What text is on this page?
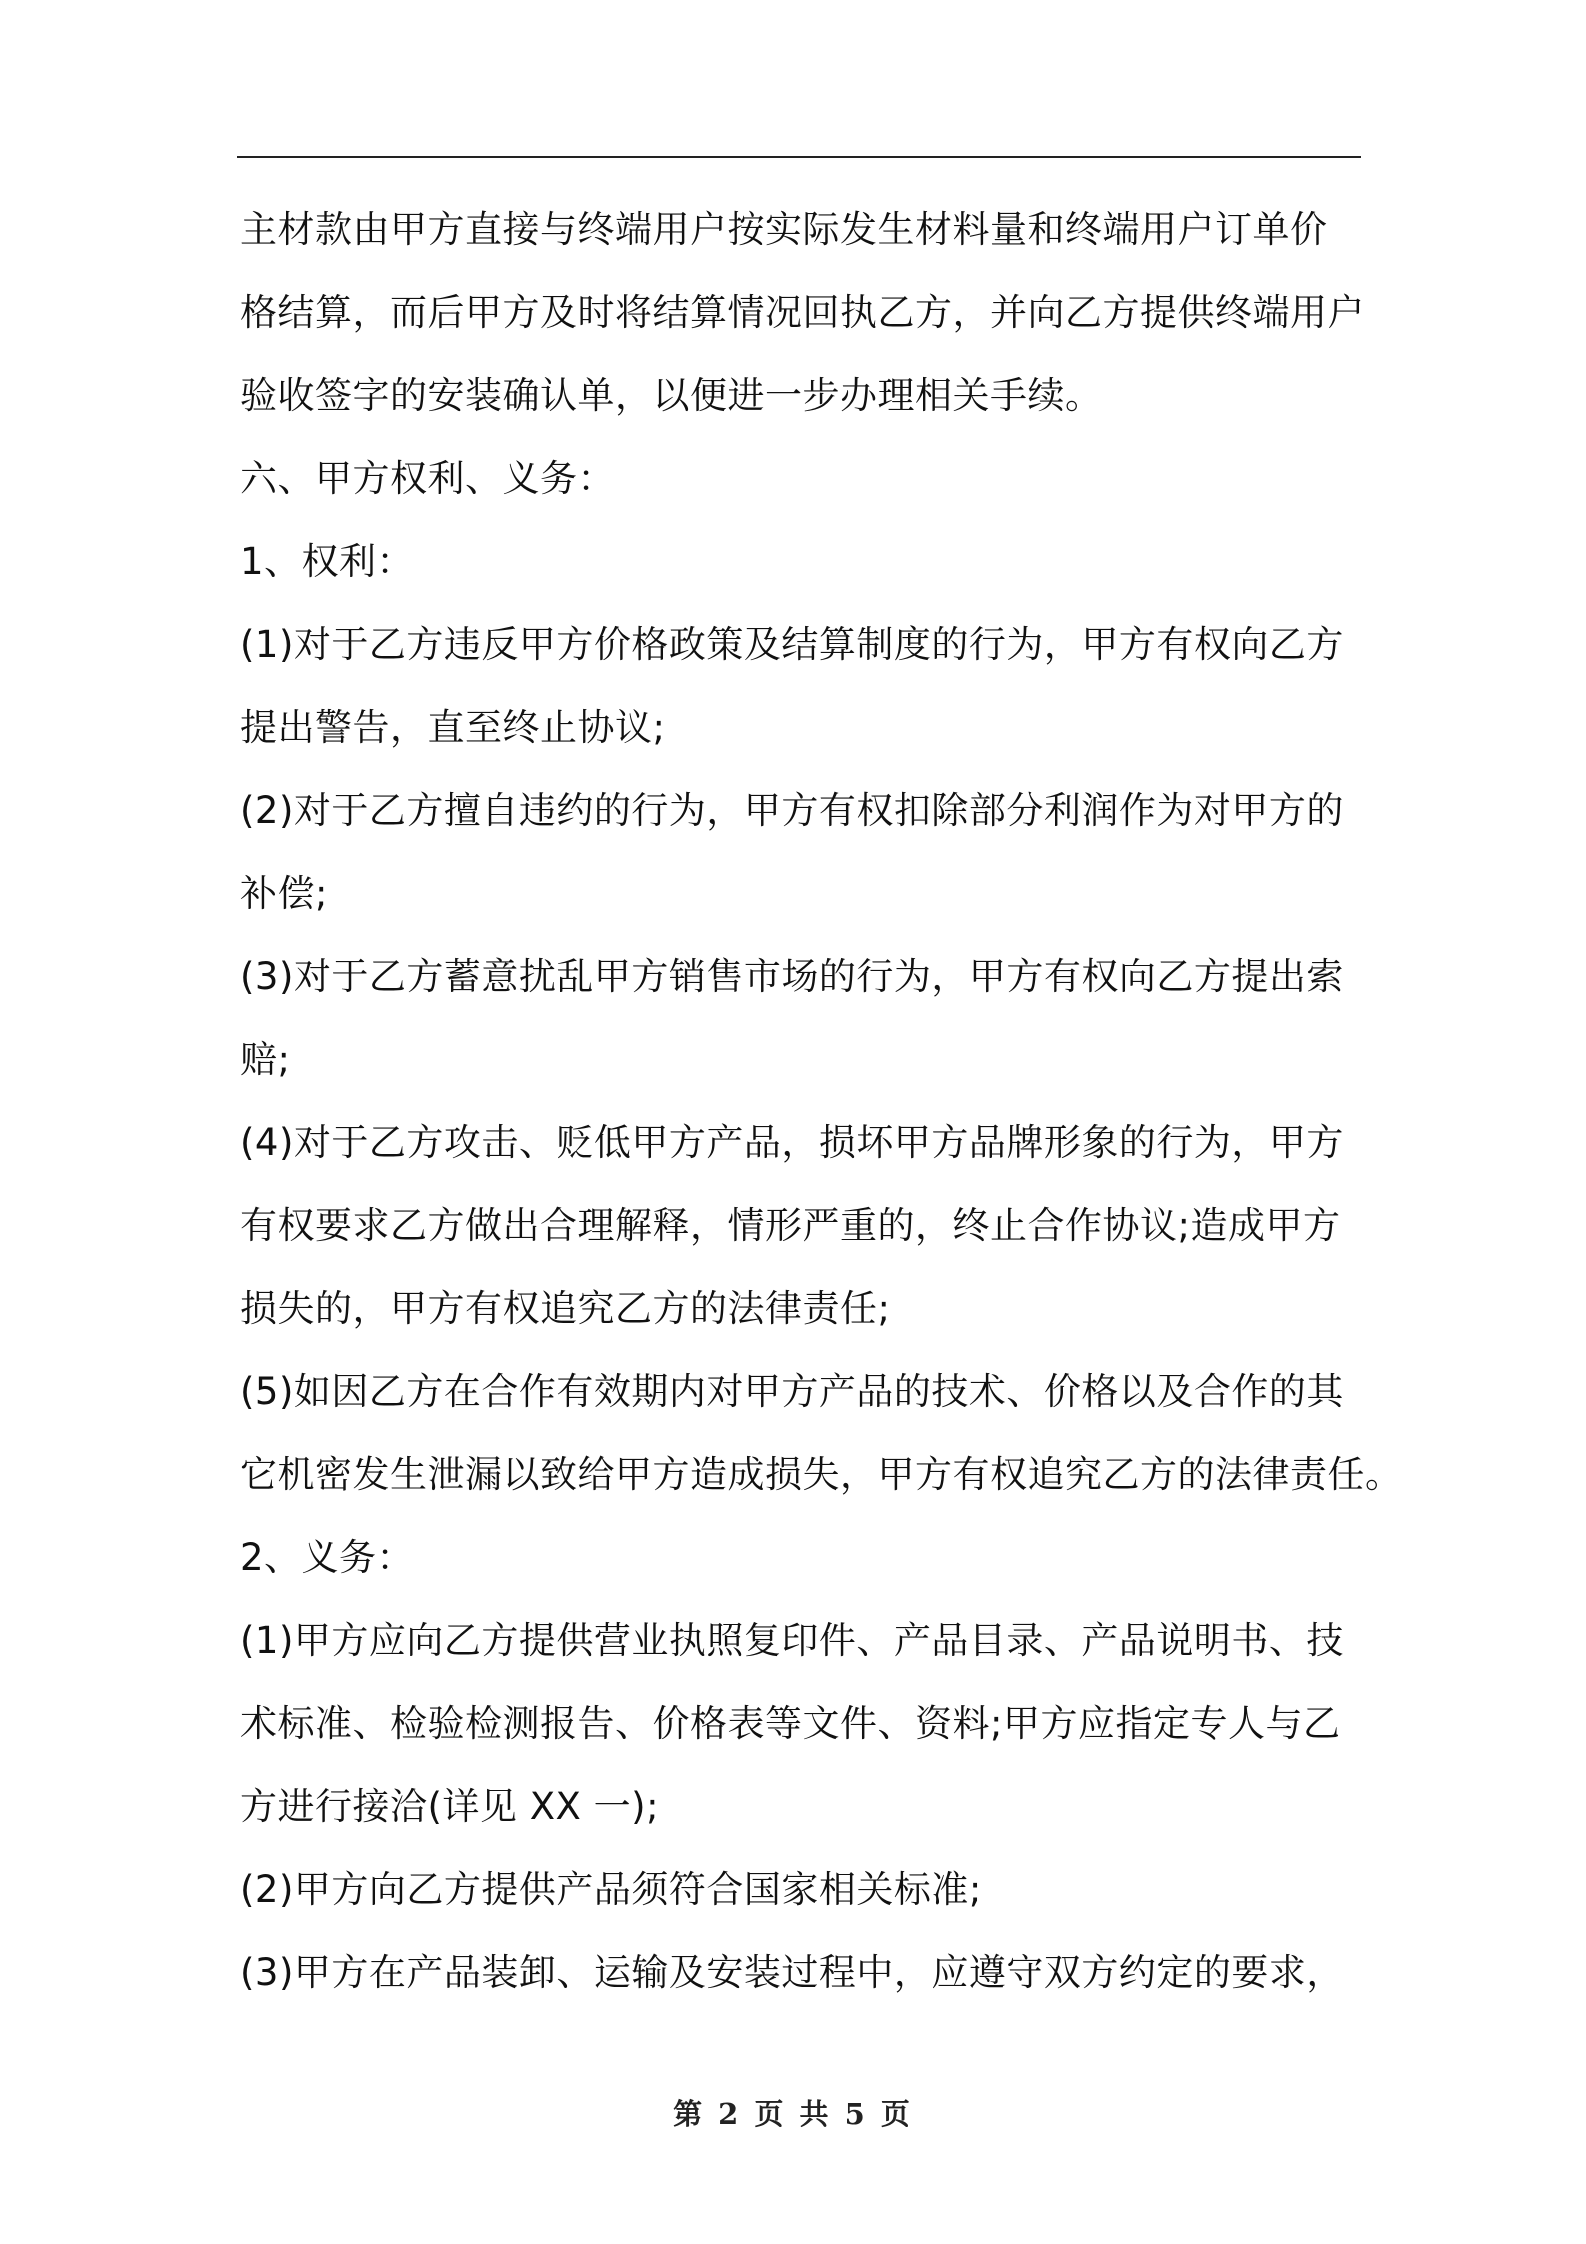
主材款由甲方直接与终端用户按实际发生材料量和终端用户订单价
格结算，而后甲方及时将结算情况回执乙方，并向乙方提供终端用户
验收签字的安装确认单，以便进一步办理相关手续。
六、甲方权利、义务：
1、权利：
(1)对于乙方违反甲方价格政策及结算制度的行为，甲方有权向乙方
提出警告，直至终止协议;
(2)对于乙方擅自违约的行为，甲方有权扣除部分利润作为对甲方的
补偿;
(3)对于乙方蓄意扰乱甲方销售市场的行为，甲方有权向乙方提出索
赔;
(4)对于乙方攻击、贬低甲方产品，损坏甲方品牌形象的行为，甲方
有权要求乙方做出合理解释，情形严重的，终止合作协议;造成甲方
损失的，甲方有权追究乙方的法律责任;
(5)如因乙方在合作有效期内对甲方产品的技术、价格以及合作的其
它机密发生泄漏以致给甲方造成损失，甲方有权追究乙方的法律责任。
2、义务：
(1)甲方应向乙方提供营业执照复印件、产品目录、产品说明书、技
术标准、检验检测报告、价格表等文件、资料;甲方应指定专人与乙
方进行接洽(详见 XX 一);
(2)甲方向乙方提供产品须符合国家相关标准;
(3)甲方在产品装卸、运输及安装过程中，应遵守双方约定的要求，
第 2 页 共 5 页
